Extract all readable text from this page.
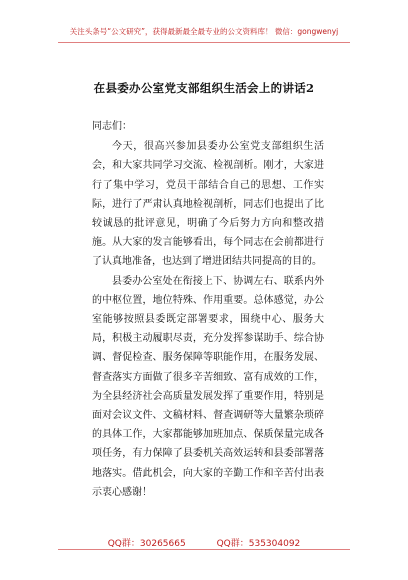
关注头条号“公文研究”，获得最新最全最专业的公文资料库！ 微信：gongwenyj
在县委办公室党支部组织生活会上的讲话2

同志们：

今天，很高兴参加县委办公室党支部组织生活会，和大家共同学习交流、检视剖析。刚才，大家进行了集中学习，党员干部结合自己的思想、工作实际，进行了严肃认真地检视剖析，同志们也提出了比较诚恳的批评意见，明确了今后努力方向和整改措施。从大家的发言能够看出，每个同志在会前都进行了认真地准备，也达到了增进团结共同提高的目的。

县委办公室处在衔接上下、协调左右、联系内外的中枢位置，地位特殊、作用重要。总体感觉，办公室能够按照县委既定部署要求，围绕中心、服务大局，积极主动履职尽责，充分发挥参谋助手、综合协调、督促检查、服务保障等职能作用，在服务发展、督查落实方面做了很多辛苦细致、富有成效的工作，为全县经济社会高质量发展发挥了重要作用，特别是面对会议文件、文稿材料、督查调研等大量繁杂琐碎的具体工作，大家都能够加班加点、保质保量完成各项任务，有力保障了县委机关高效运转和县委部署落地落实。借此机会，向大家的辛勤工作和辛苦付出表示衷心感谢！

QQ群：30265665	QQ群：535304092
